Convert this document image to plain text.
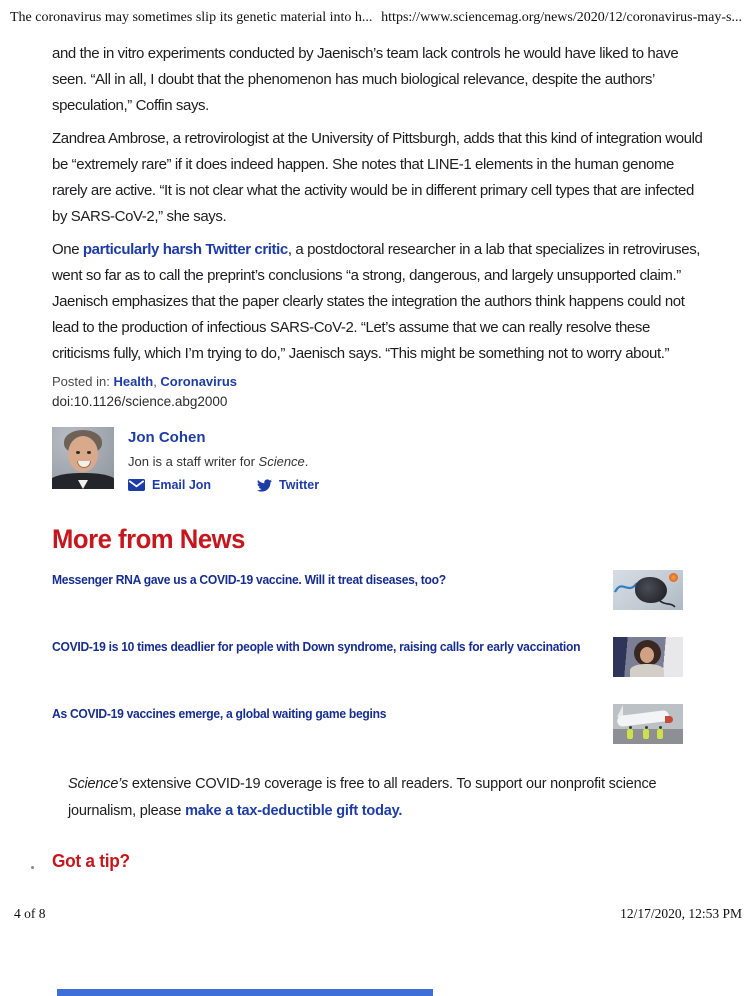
The coronavirus may sometimes slip its genetic material into h... https://www.sciencemag.org/news/2020/12/coronavirus-may-s...

and the in vitro experiments conducted by Jaenisch’s team lack controls he would have liked to have seen. “All in all, I doubt that the phenomenon has much biological relevance, despite the authors’ speculation,” Coffin says.

Zandrea Ambrose, a retrovirologist at the University of Pittsburgh, adds that this kind of integration would be “extremely rare” if it does indeed happen. She notes that LINE-1 elements in the human genome rarely are active. “It is not clear what the activity would be in different primary cell types that are infected by SARS-CoV-2,” she says.

One particularly harsh Twitter critic, a postdoctoral researcher in a lab that specializes in retroviruses, went so far as to call the preprint’s conclusions “a strong, dangerous, and largely unsupported claim.” Jaenisch emphasizes that the paper clearly states the integration the authors think happens could not lead to the production of infectious SARS-CoV-2. “Let’s assume that we can really resolve these criticisms fully, which I’m trying to do,” Jaenisch says. “This might be something not to worry about.”

Posted in: Health, Coronavirus
doi:10.1126/science.abg2000
Jon Cohen
Jon is a staff writer for Science.
Email Jon	Twitter
More from News
Messenger RNA gave us a COVID-19 vaccine. Will it treat diseases, too?
COVID-19 is 10 times deadlier for people with Down syndrome, raising calls for early vaccination
As COVID-19 vaccines emerge, a global waiting game begins
Science’s extensive COVID-19 coverage is free to all readers. To support our nonprofit science journalism, please make a tax-deductible gift today.
Got a tip?
4 of 8	12/17/2020, 12:53 PM
